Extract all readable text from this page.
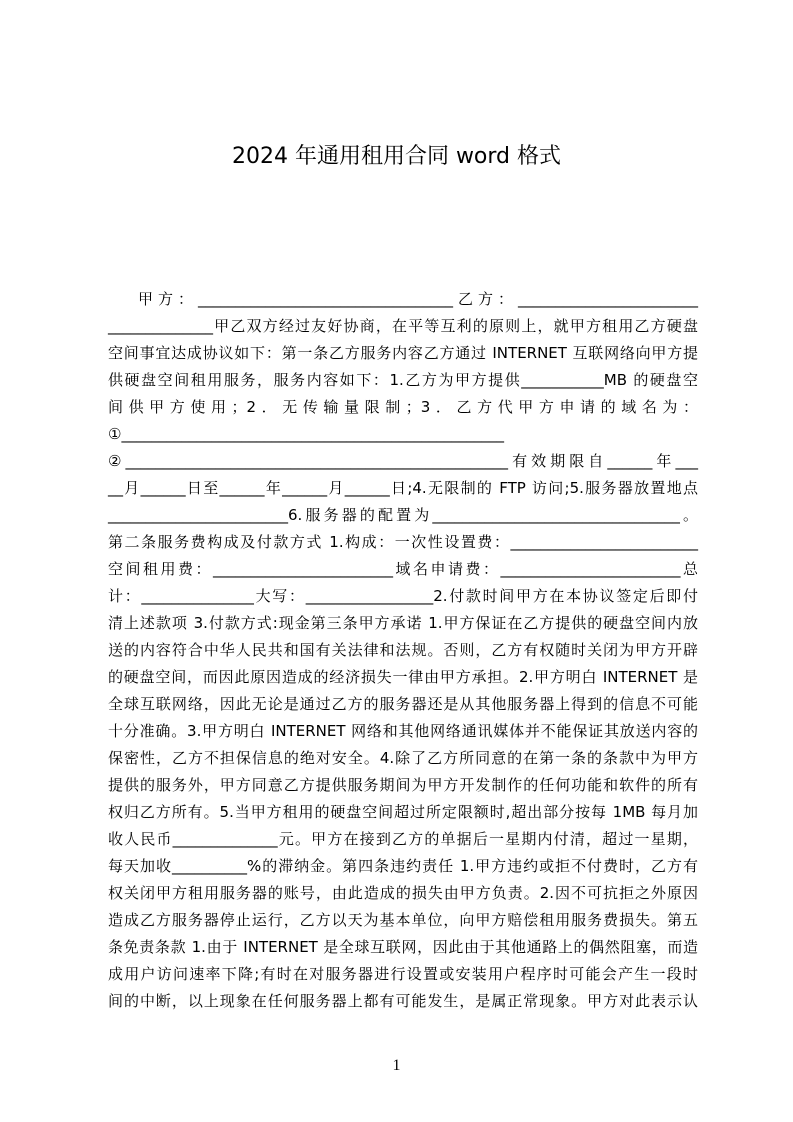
2024 年通用租用合同 word 格式
甲方：__________________________________乙方：________________________
______________甲乙双方经过友好协商，在平等互利的原则上，就甲方租用乙方硬盘
空间事宜达成协议如下：第一条乙方服务内容乙方通过 INTERNET 互联网络向甲方提
供硬盘空间租用服务，服务内容如下：1.乙方为甲方提供___________MB 的硬盘空
间供甲方使用；2．无传输量限制；3．乙方代甲方申请的域名为：
①___________________________________________________
②___________________________________________________有效期限自______年___
__月______日至______年______月______日;4.无限制的 FTP 访问;5.服务器放置地点
________________________6.服务器的配置为_________________________________。
第二条服务费构成及付款方式 1.构成：一次性设置费：_________________________
空间租用费：________________________域名申请费：________________________总
计：_______________大写：_________________2.付款时间甲方在本协议签定后即付
清上述款项 3.付款方式:现金第三条甲方承诺 1.甲方保证在乙方提供的硬盘空间内放
送的内容符合中华人民共和国有关法律和法规。否则，乙方有权随时关闭为甲方开辟
的硬盘空间，而因此原因造成的经济损失一律由甲方承担。2.甲方明白 INTERNET 是
全球互联网络，因此无论是通过乙方的服务器还是从其他服务器上得到的信息不可能
十分准确。3.甲方明白 INTERNET 网络和其他网络通讯媒体并不能保证其放送内容的
保密性，乙方不担保信息的绝对安全。4.除了乙方所同意的在第一条的条款中为甲方
提供的服务外，甲方同意乙方提供服务期间为甲方开发制作的任何功能和软件的所有
权归乙方所有。5.当甲方租用的硬盘空间超过所定限额时,超出部分按每 1MB 每月加
收人民币______________元。甲方在接到乙方的单据后一星期内付清，超过一星期，
每天加收__________%的滞纳金。第四条违约责任 1.甲方违约或拒不付费时，乙方有
权关闭甲方租用服务器的账号，由此造成的损失由甲方负责。2.因不可抗拒之外原因
造成乙方服务器停止运行，乙方以天为基本单位，向甲方赔偿租用服务费损失。第五
条免责条款 1.由于 INTERNET 是全球互联网，因此由于其他通路上的偶然阻塞，而造
成用户访问速率下降;有时在对服务器进行设置或安装用户程序时可能会产生一段时
间的中断，以上现象在任何服务器上都有可能发生，是属正常现象。甲方对此表示认
1
